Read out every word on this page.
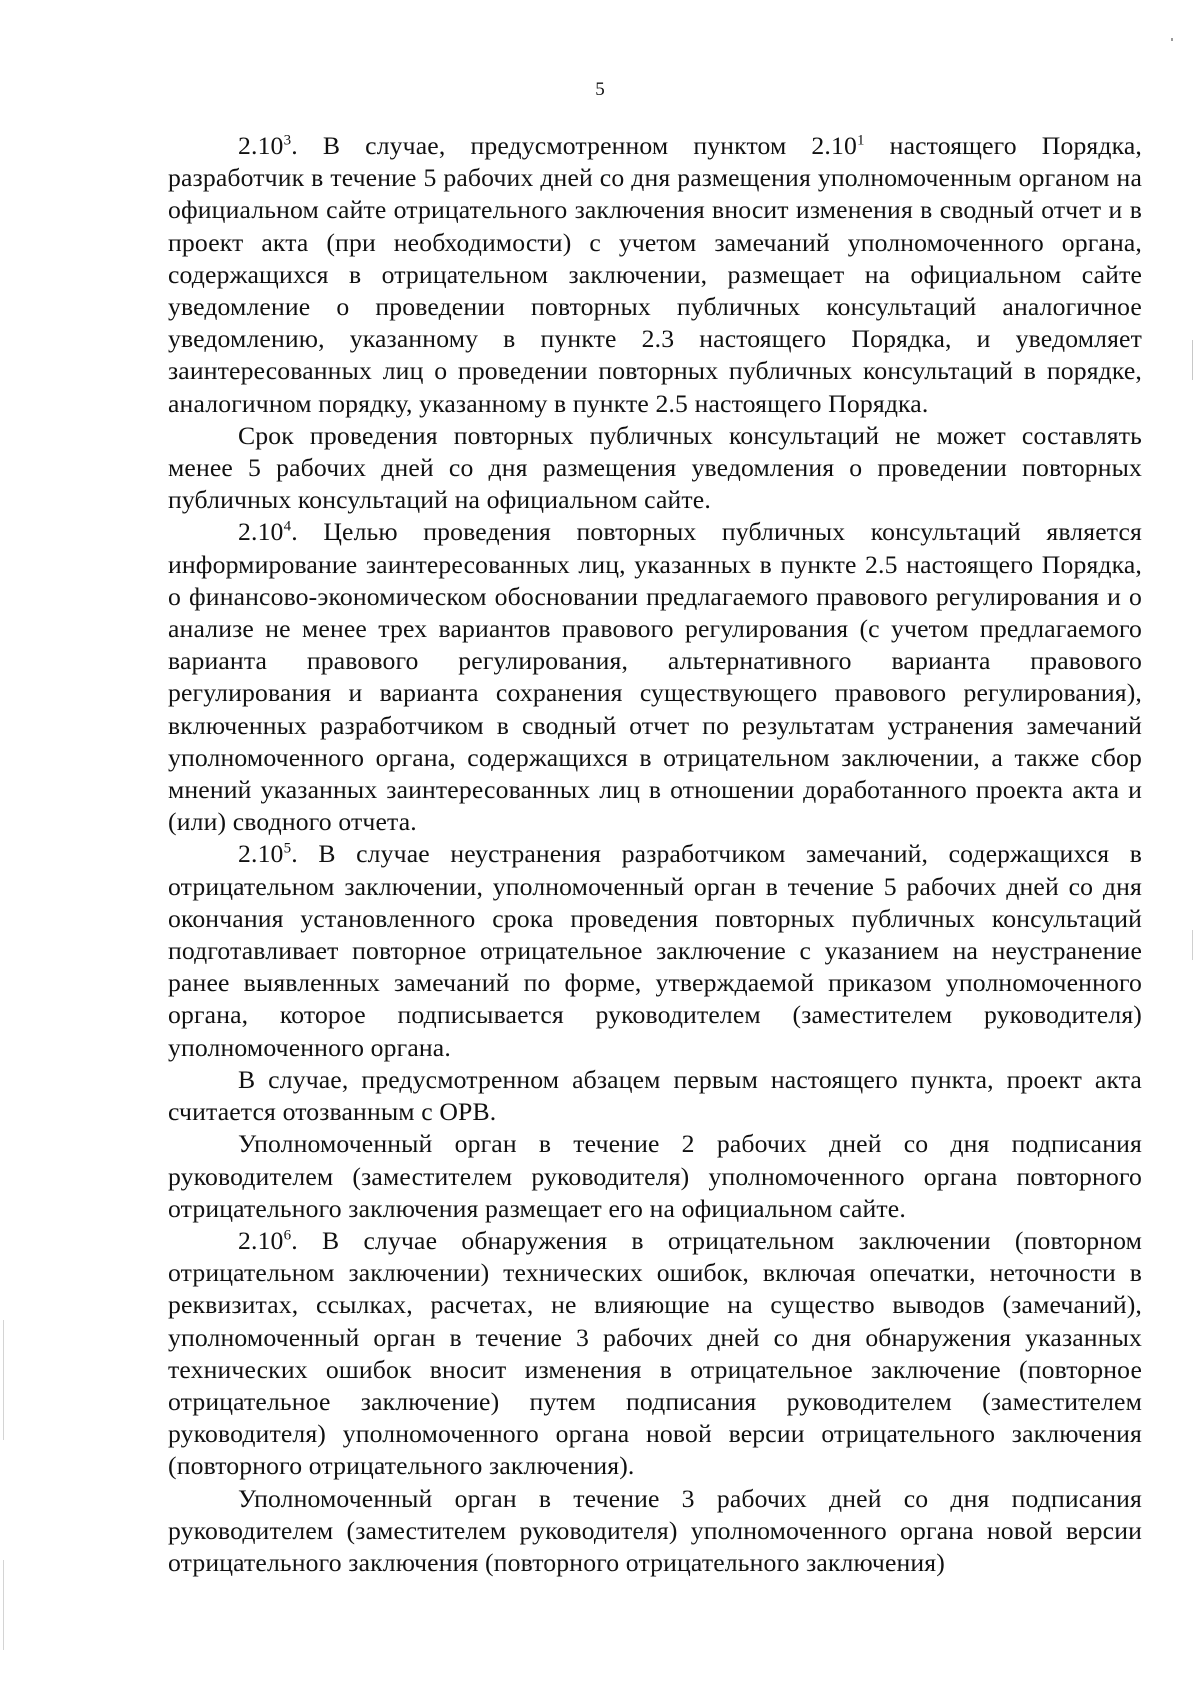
5

2.10$^3$. В случае, предусмотренном пунктом 2.10$^1$ настоящего Порядка, разработчик в течение 5 рабочих дней со дня размещения уполномоченным органом на официальном сайте отрицательного заключения вносит изменения в сводный отчет и в проект акта (при необходимости) с учетом замечаний уполномоченного органа, содержащихся в отрицательном заключении, размещает на официальном сайте уведомление о проведении повторных публичных консультаций аналогичное уведомлению, указанному в пункте 2.3 настоящего Порядка, и уведомляет заинтересованных лиц о проведении повторных публичных консультаций в порядке, аналогичном порядку, указанному в пункте 2.5 настоящего Порядка.

Срок проведения повторных публичных консультаций не может составлять менее 5 рабочих дней со дня размещения уведомления о проведении повторных публичных консультаций на официальном сайте.

2.10$^4$. Целью проведения повторных публичных консультаций является информирование заинтересованных лиц, указанных в пункте 2.5 настоящего Порядка, о финансово-экономическом обосновании предлагаемого правового регулирования и о анализе не менее трех вариантов правового регулирования (с учетом предлагаемого варианта правового регулирования, альтернативного варианта правового регулирования и варианта сохранения существующего правового регулирования), включенных разработчиком в сводный отчет по результатам устранения замечаний уполномоченного органа, содержащихся в отрицательном заключении, а также сбор мнений указанных заинтересованных лиц в отношении доработанного проекта акта и (или) сводного отчета.

2.10$^5$. В случае неустранения разработчиком замечаний, содержащихся в отрицательном заключении, уполномоченный орган в течение 5 рабочих дней со дня окончания установленного срока проведения повторных публичных консультаций подготавливает повторное отрицательное заключение с указанием на неустранение ранее выявленных замечаний по форме, утверждаемой приказом уполномоченного органа, которое подписывается руководителем (заместителем руководителя) уполномоченного органа.

В случае, предусмотренном абзацем первым настоящего пункта, проект акта считается отозванным с ОРВ.

Уполномоченный орган в течение 2 рабочих дней со дня подписания руководителем (заместителем руководителя) уполномоченного органа повторного отрицательного заключения размещает его на официальном сайте.

2.10$^6$. В случае обнаружения в отрицательном заключении (повторном отрицательном заключении) технических ошибок, включая опечатки, неточности в реквизитах, ссылках, расчетах, не влияющие на существо выводов (замечаний), уполномоченный орган в течение 3 рабочих дней со дня обнаружения указанных технических ошибок вносит изменения в отрицательное заключение (повторное отрицательное заключение) путем подписания руководителем (заместителем руководителя) уполномоченного органа новой версии отрицательного заключения (повторного отрицательного заключения).

Уполномоченный орган в течение 3 рабочих дней со дня подписания руководителем (заместителем руководителя) уполномоченного органа новой версии отрицательного заключения (повторного отрицательного заключения)
